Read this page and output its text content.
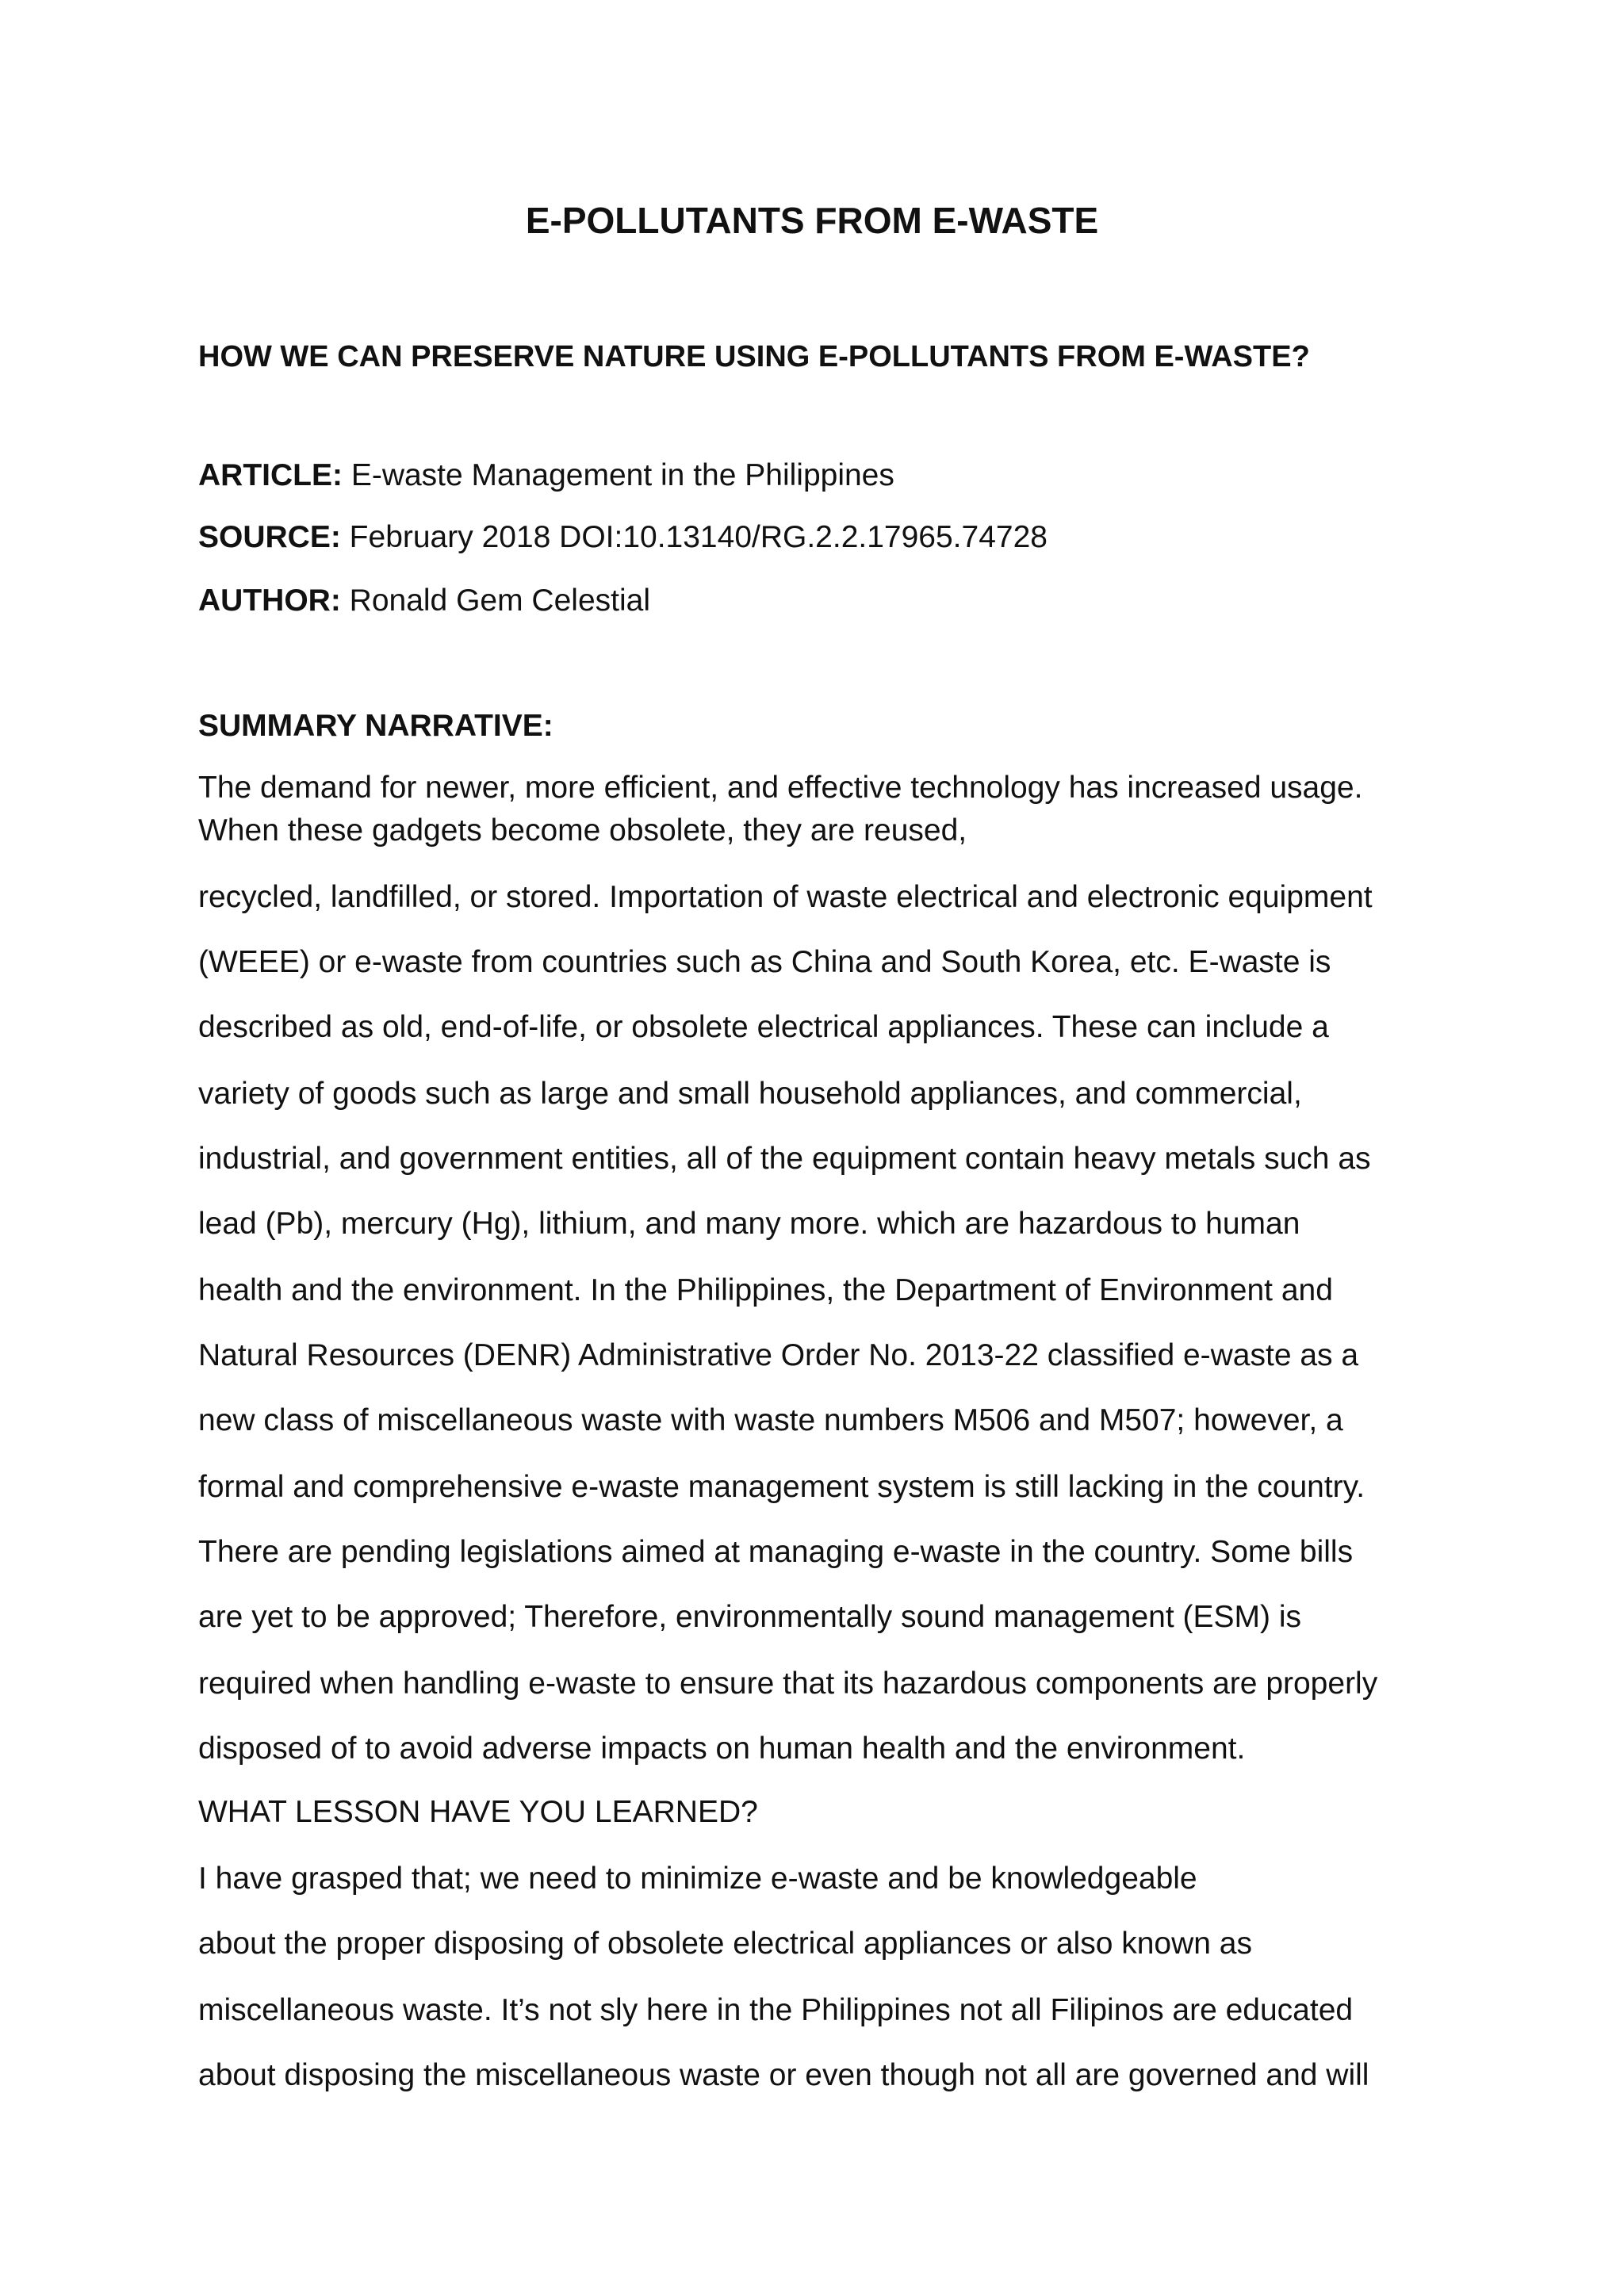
E-POLLUTANTS FROM E-WASTE
HOW WE CAN PRESERVE NATURE USING E-POLLUTANTS FROM E-WASTE?
ARTICLE: E-waste Management in the Philippines
SOURCE: February 2018 DOI:10.13140/RG.2.2.17965.74728
AUTHOR: Ronald Gem Celestial
SUMMARY NARRATIVE:
The demand for newer, more efficient, and effective technology has increased usage.
When these gadgets become obsolete, they are reused,
recycled, landfilled, or stored. Importation of waste electrical and electronic equipment
(WEEE) or e-waste from countries such as China and South Korea, etc. E-waste is
described as old, end-of-life, or obsolete electrical appliances. These can include a
variety of goods such as large and small household appliances, and commercial,
industrial, and government entities, all of the equipment contain heavy metals such as
lead (Pb), mercury (Hg), lithium, and many more. which are hazardous to human
health and the environment. In the Philippines, the Department of Environment and
Natural Resources (DENR) Administrative Order No. 2013-22 classified e-waste as a
new class of miscellaneous waste with waste numbers M506 and M507; however, a
formal and comprehensive e-waste management system is still lacking in the country.
There are pending legislations aimed at managing e-waste in the country. Some bills
are yet to be approved; Therefore, environmentally sound management (ESM) is
required when handling e-waste to ensure that its hazardous components are properly
disposed of to avoid adverse impacts on human health and the environment.
WHAT LESSON HAVE YOU LEARNED?
I have grasped that; we need to minimize e-waste and be knowledgeable
about the proper disposing of obsolete electrical appliances or also known as
miscellaneous waste. It’s not sly here in the Philippines not all Filipinos are educated
about disposing the miscellaneous waste or even though not all are governed and will
